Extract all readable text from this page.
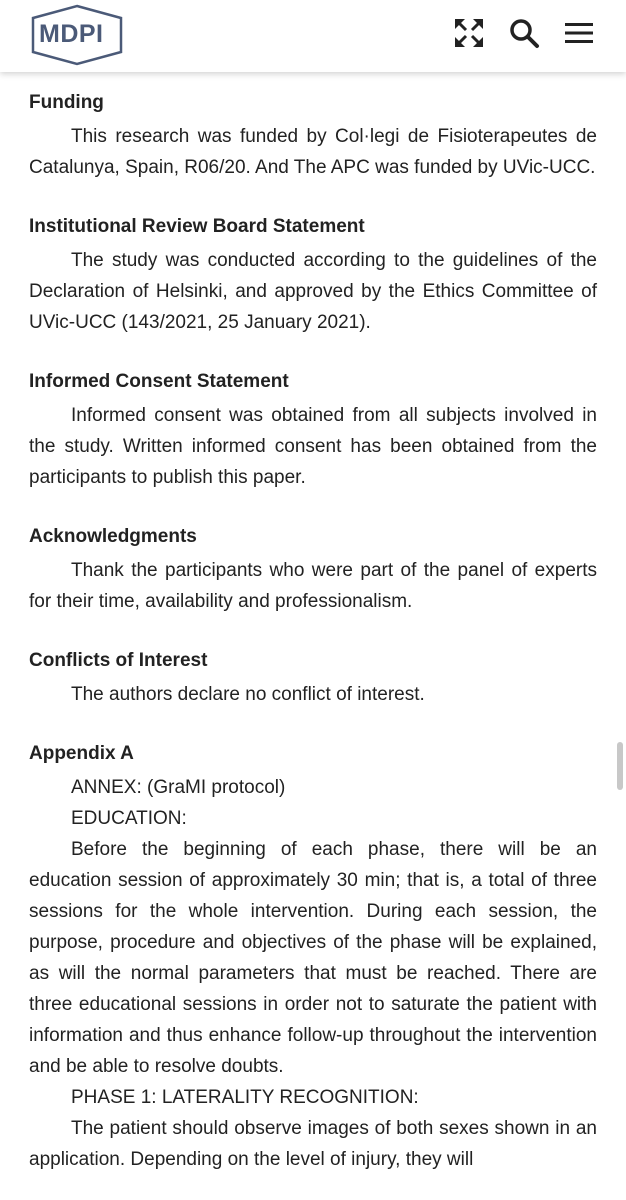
MDPI
Funding

This research was funded by Col·legi de Fisioterapeutes de Catalunya, Spain, R06/20. And The APC was funded by UVic-UCC.

Institutional Review Board Statement

The study was conducted according to the guidelines of the Declaration of Helsinki, and approved by the Ethics Committee of UVic-UCC (143/2021, 25 January 2021).

Informed Consent Statement

Informed consent was obtained from all subjects involved in the study. Written informed consent has been obtained from the participants to publish this paper.

Acknowledgments

Thank the participants who were part of the panel of experts for their time, availability and professionalism.

Conflicts of Interest

The authors declare no conflict of interest.

Appendix A

ANNEX: (GraMI protocol)

EDUCATION:

Before the beginning of each phase, there will be an education session of approximately 30 min; that is, a total of three sessions for the whole intervention. During each session, the purpose, procedure and objectives of the phase will be explained, as will the normal parameters that must be reached. There are three educational sessions in order not to saturate the patient with information and thus enhance follow-up throughout the intervention and be able to resolve doubts.

PHASE 1: LATERALITY RECOGNITION:

The patient should observe images of both sexes shown in an application. Depending on the level of injury, they will
